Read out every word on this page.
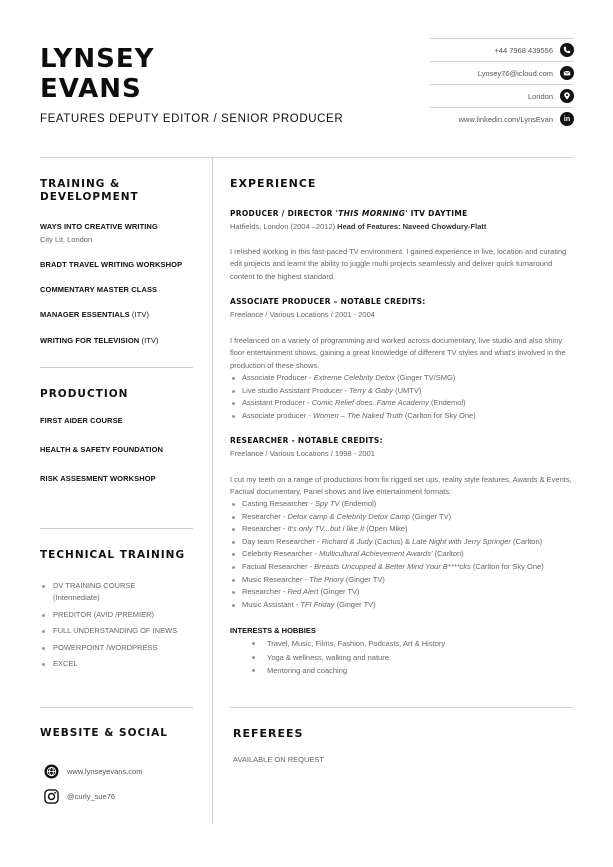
LYNSEY
EVANS
FEATURES DEPUTY EDITOR / SENIOR PRODUCER
+44 7968 439556
Lynsey76@icloud.com
London
www.linkedin.com/LynsEvan in
TRAINING &
DEVELOPMENT
WAYS INTO CREATIVE WRITING
City Lit, London
BRADT TRAVEL WRITING WORKSHOP
COMMENTARY MASTER CLASS
MANAGER ESSENTIALS (ITV)
WRITING FOR TELEVISION (ITV)
PRODUCTION
FIRST AIDER COURSE
HEALTH & SAFETY FOUNDATION
RISK ASSESMENT WORKSHOP
TECHNICAL TRAINING
DV TRAINING COURSE (Intermediate)
PREDITOR (AVID /PREMIER)
FULL UNDERSTANDING OF INEWS
POWERPOINT /WORDPRESS
EXCEL
WEBSITE & SOCIAL
www.lynseyevans.com
@curly_sue76
EXPERIENCE
PRODUCER / DIRECTOR 'THIS MORNING' ITV DAYTIME
Hatfields, London (2004 –2012) Head of Features: Naveed Chowdury-Flatt
I relished working in this fast-paced TV environment. I gained experience in live, location and curating edit projects and learnt the ability to juggle multi projects seamlessly and deliver quick turnaround content to the highest standard.
ASSOCIATE PRODUCER – NOTABLE CREDITS:
Freelance / Various Locations / 2001 - 2004
I freelanced on a variety of programming and worked across documentary, live studio and also shiny floor entertainment shows, gaining a great knowledge of different TV styles and what's involved in the production of these shows.
Associate Producer - Extreme Celebrity Detox (Ginger TV/SMG)
Live studio Assistant Producer - Terry & Gaby (UMTV)
Assistant Producer - Comic Relief does..Fame Academy (Endemol)
Associate producer - Women – The Naked Truth (Carlton for Sky One)
RESEARCHER - NOTABLE CREDITS:
Freelance / Various Locations / 1998 - 2001
I cut my teeth on a range of productions from fix rigged set ups, reality style features, Awards & Events, Factual documentary, Panel shows and live entertainment formats:
Casting Researcher - Spy TV (Endemol)
Researcher - Detox camp & Celebrity Detox Camp (Ginger TV)
Researcher - It's only TV...but I like It (Open Mike)
Day team Researcher - Richard & Judy (Cactus) & Late Night with Jerry Springer (Carlton)
Celebrity Researcher - Multicultural Achievement Awards' (Carlton)
Factual Researcher - Breasts Uncupped & Better Mind Your B****cks (Carlton for Sky One)
Music Researcher - The Priory (Ginger TV)
Researcher - Red Alert (Ginger TV)
Music Assistant - TFI Friday (Ginger TV)
INTERESTS & HOBBIES
Travel, Music, Films, Fashion, Podcasts, Art & History
Yoga & wellness, walking and nature
Mentoring and coaching
REFEREES
AVAILABLE ON REQUEST
